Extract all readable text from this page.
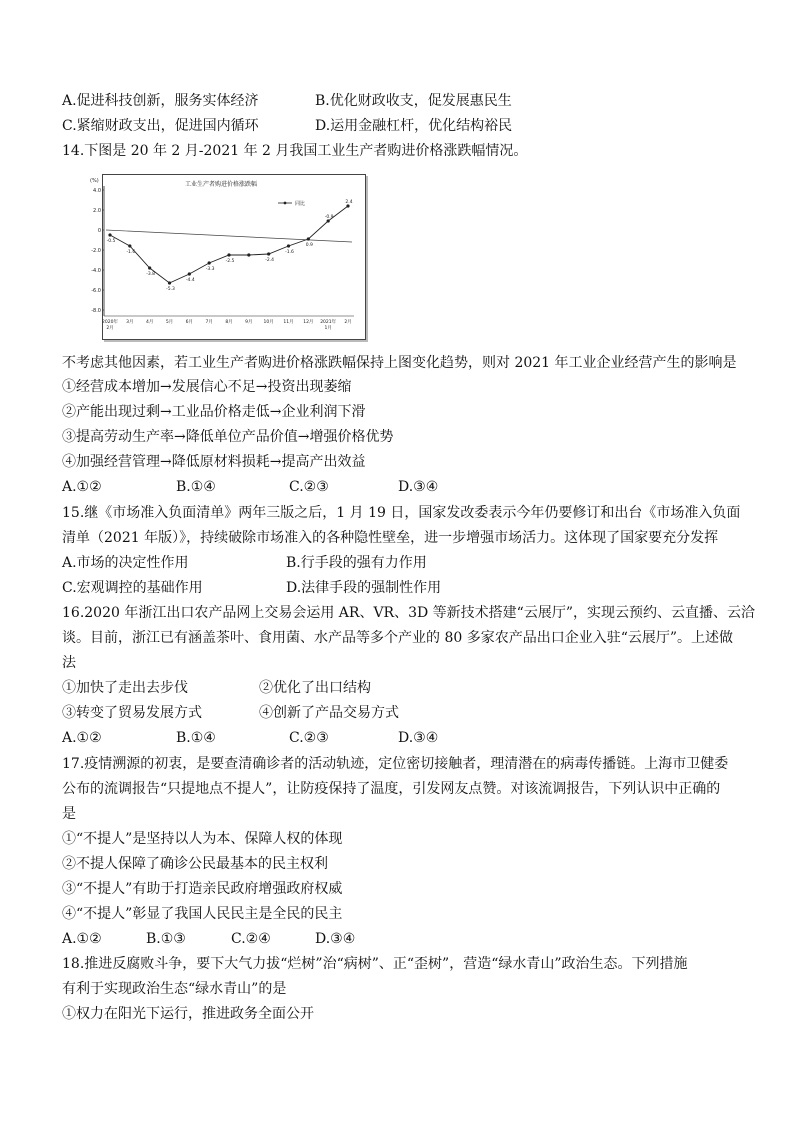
A.促进科技创新，服务实体经济	B.优化财政收支，促发展惠民生
C.紧缩财政支出，促进国内循环	D.运用金融杠杆，优化结构裕民
14.下图是 20 年 2 月-2021 年 2 月我国工业生产者购进价格涨跌幅情况。
工业生产者购进价格涨跌幅
(%)
4.0
2.0
0
-2.0
-4.0
-6.0
-8.0
2020年
2月
3月	4月	5月	6月	7月	8月	9月 10月 11月 12月 2021年
1月
2月
-0.5
-1.6
-3.8
-5.3
-4.4
-3.3
-2.5	-2.4
-1.6
0.9
-0.9
2.4
同比
不考虑其他因素，若工业生产者购进价格涨跌幅保持上图变化趋势，则对 2021 年工业企业经营产生的影响是
①经营成本增加→发展信心不足→投资出现萎缩
②产能出现过剩→工业品价格走低→企业利润下滑
③提高劳动生产率→降低单位产品价值→增强价格优势
④加强经营管理→降低原材料损耗→提高产出效益
A.①②	B.①④	C.②③	D.③④
15.继《市场准入负面清单》两年三版之后，1 月 19 日，国家发改委表示今年仍要修订和出台《市场准入负面
清单（2021 年版）》，持续破除市场准入的各种隐性壁垒，进一步增强市场活力。这体现了国家要充分发挥
A.市场的决定性作用	B.行手段的强有力作用
C.宏观调控的基础作用	D.法律手段的强制性作用
16.2020 年浙江出口农产品网上交易会运用 AR、VR、3D 等新技术搭建“云展厅”，实现云预约、云直播、云洽
谈。目前，浙江已有涵盖茶叶、食用菌、水产品等多个产业的 80 多家农产品出口企业入驻“云展厅”。上述做
法
①加快了走出去步伐	②优化了出口结构
③转变了贸易发展方式	④创新了产品交易方式
A.①②	B.①④	C.②③	D.③④
17.疫情溯源的初衷，是要查清确诊者的活动轨迹，定位密切接触者，理清潜在的病毒传播链。上海市卫健委
公布的流调报告“只提地点不提人”，让防疫保持了温度，引发网友点赞。对该流调报告，下列认识中正确的
是
①“不提人”是坚持以人为本、保障人权的体现
②不提人保障了确诊公民最基本的民主权利
③“不提人”有助于打造亲民政府增强政府权威
④“不提人”彰显了我国人民民主是全民的民主
A.①②	B.①③	C.②④	D.③④
18.推进反腐败斗争，要下大气力拔“烂树”治“病树”、正“歪树”，营造“绿水青山”政治生态。下列措施
有利于实现政治生态“绿水青山”的是
①权力在阳光下运行，推进政务全面公开
